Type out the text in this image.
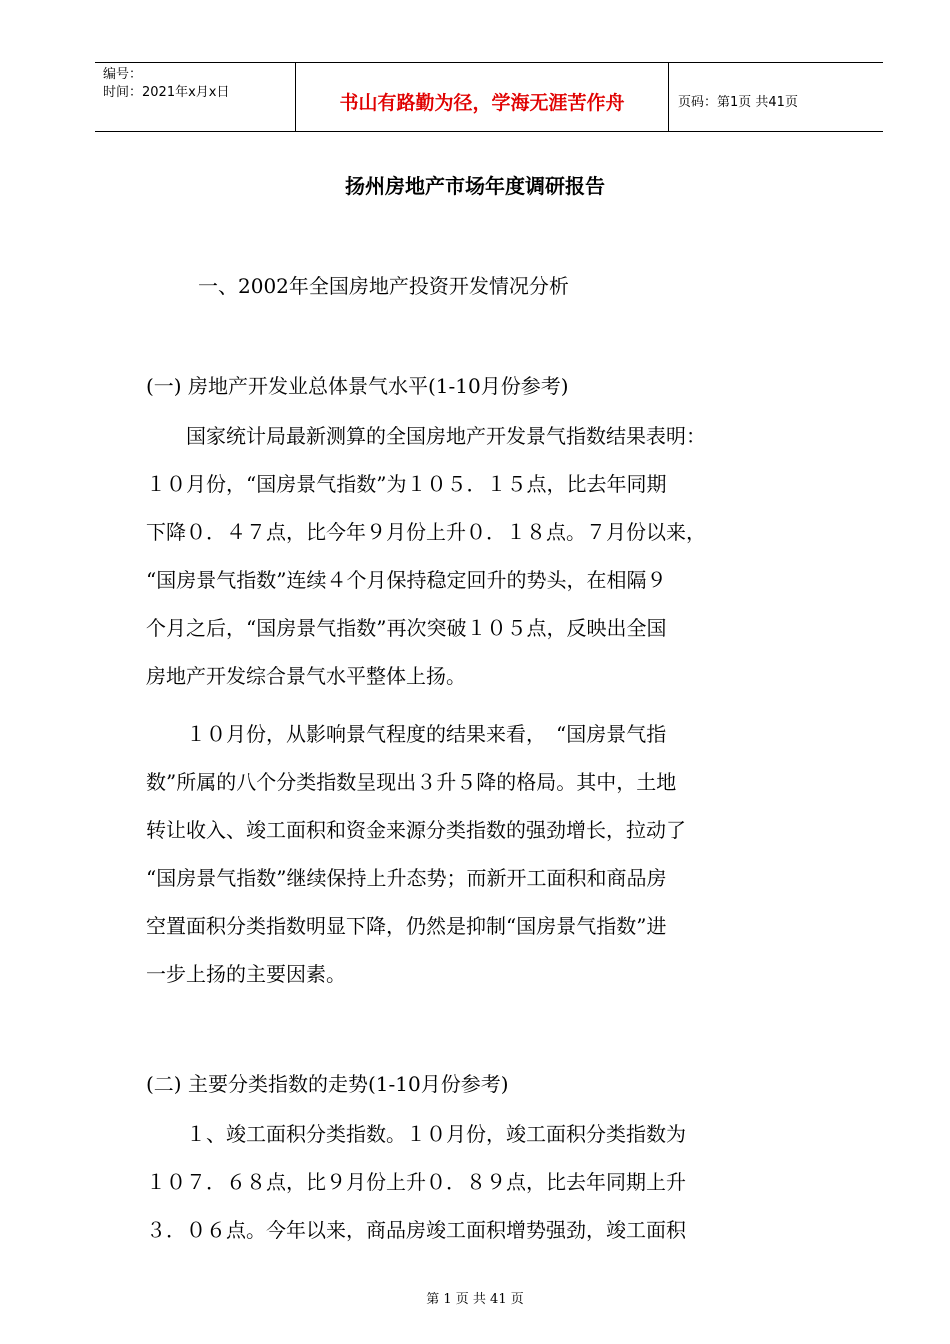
编号：
时间：2021年x月x日	书山有路勤为径，学海无涯苦作舟	页码：第1页 共41页
扬州房地产市场年度调研报告
一、2002年全国房地产投资开发情况分析
(一) 房地产开发业总体景气水平(1-10月份参考)
　　国家统计局最新测算的全国房地产开发景气指数结果表明：
１０月份，“国房景气指数”为１０５．１５点，比去年同期
下降０．４７点，比今年９月份上升０．１８点。７月份以来，
“国房景气指数”连续４个月保持稳定回升的势头，在相隔９
个月之后，“国房景气指数”再次突破１０５点，反映出全国
房地产开发综合景气水平整体上扬。
　　１０月份，从影响景气程度的结果来看，　“国房景气指
数”所属的八个分类指数呈现出３升５降的格局。其中，土地
转让收入、竣工面积和资金来源分类指数的强劲增长，拉动了
“国房景气指数”继续保持上升态势；而新开工面积和商品房
空置面积分类指数明显下降，仍然是抑制“国房景气指数”进
一步上扬的主要因素。
(二) 主要分类指数的走势(1-10月份参考)
　　１、竣工面积分类指数。１０月份，竣工面积分类指数为
１０７．６８点，比９月份上升０．８９点，比去年同期上升
３．０６点。今年以来，商品房竣工面积增势强劲，竣工面积
第 1 页 共 41 页
